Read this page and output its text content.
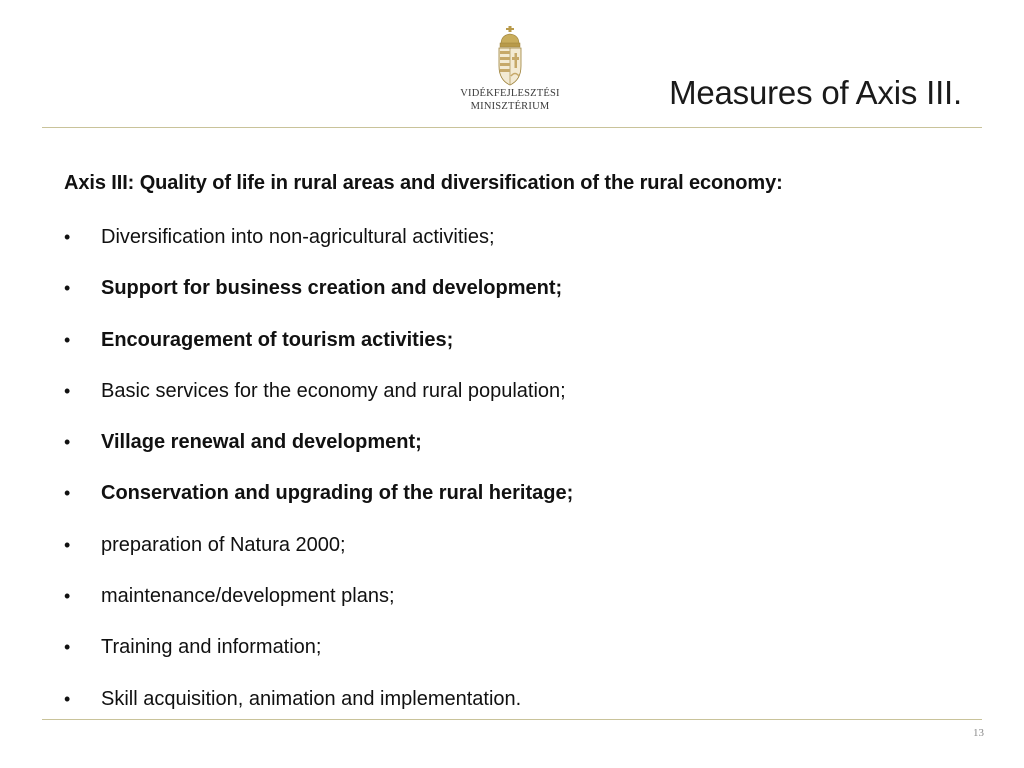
VIDÉKFEJLESZTÉSI
MINISZTÉRIUM	Measures of Axis III.
Axis III: Quality of life in rural areas and diversification of the rural economy:
• Diversification into non-agricultural activities;
• Support for business creation and development;
• Encouragement of tourism activities;
• Basic services for the economy and rural population;
• Village renewal and development;
• Conservation and upgrading of the rural heritage;
• preparation of Natura 2000;
• maintenance/development plans;
• Training and information;
• Skill acquisition, animation and implementation.
13
